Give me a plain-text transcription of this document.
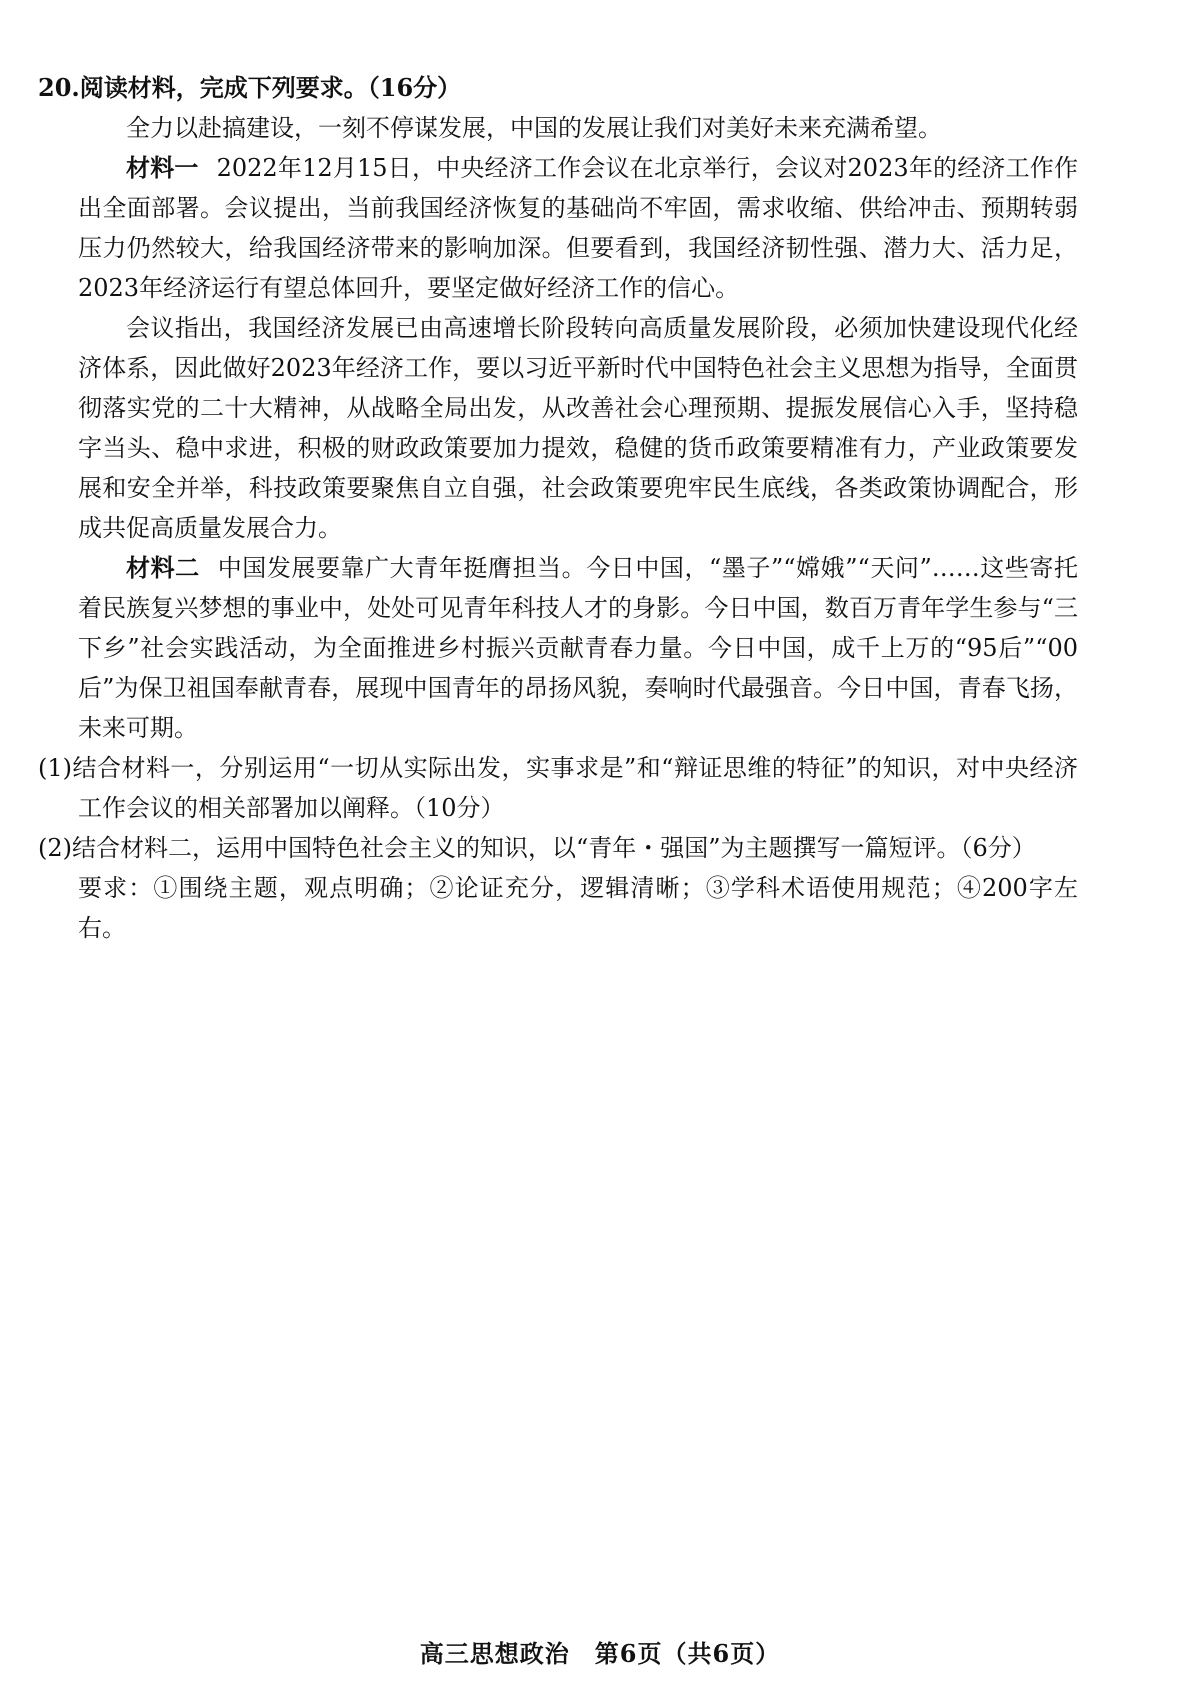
20.阅读材料，完成下列要求。（16分）

全力以赴搞建设，一刻不停谋发展，中国的发展让我们对美好未来充满希望。

材料一 2022年12月15日，中央经济工作会议在北京举行，会议对2023年的经济工作作出全面部署。会议提出，当前我国经济恢复的基础尚不牢固，需求收缩、供给冲击、预期转弱压力仍然较大，给我国经济带来的影响加深。但要看到，我国经济韧性强、潜力大、活力足，2023年经济运行有望总体回升，要坚定做好经济工作的信心。

会议指出，我国经济发展已由高速增长阶段转向高质量发展阶段，必须加快建设现代化经济体系，因此做好2023年经济工作，要以习近平新时代中国特色社会主义思想为指导，全面贯彻落实党的二十大精神，从战略全局出发，从改善社会心理预期、提振发展信心入手，坚持稳字当头、稳中求进，积极的财政政策要加力提效，稳健的货币政策要精准有力，产业政策要发展和安全并举，科技政策要聚焦自立自强，社会政策要兜牢民生底线，各类政策协调配合，形成共促高质量发展合力。

材料二 中国发展要靠广大青年挺膺担当。今日中国，“墨子”“嫦娥”“天问”……这些寄托着民族复兴梦想的事业中，处处可见青年科技人才的身影。今日中国，数百万青年学生参与“三下乡”社会实践活动，为全面推进乡村振兴贡献青春力量。今日中国，成千上万的“95后”“00后”为保卫祖国奉献青春，展现中国青年的昂扬风貌，奏响时代最强音。今日中国，青春飞扬，未来可期。

(1)结合材料一，分别运用“一切从实际出发，实事求是”和“辩证思维的特征”的知识，对中央经济工作会议的相关部署加以阐释。（10分）

(2)结合材料二，运用中国特色社会主义的知识，以“青年・强国”为主题撰写一篇短评。（6分）

要求：①围绕主题，观点明确；②论证充分，逻辑清晰；③学科术语使用规范；④200字左右。

高三思想政治　第6页（共6页）
